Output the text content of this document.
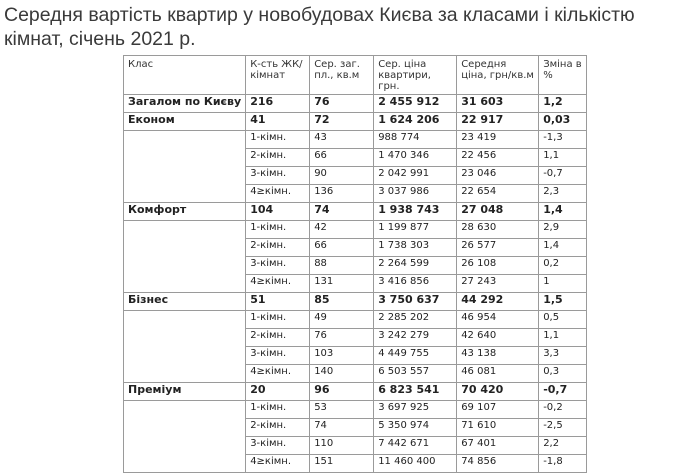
Середня вартість квартир у новобудовах Києва за класами і кількістю кімнат, січень 2021 р.
Клас	К-сть ЖК/ кімнат	Сер. заг. пл., кв.м	Сер. ціна квартири, грн.	Середня ціна, грн/кв.м	Зміна в %
Загалом по Києву	216	76	2 455 912	31 603	1,2
Економ	41	72	1 624 206	22 917	0,03
	1-кімн.	43	988 774	23 419	-1,3
	2-кімн.	66	1 470 346	22 456	1,1
	3-кімн.	90	2 042 991	23 046	-0,7
	4≥кімн.	136	3 037 986	22 654	2,3
Комфорт	104	74	1 938 743	27 048	1,4
	1-кімн.	42	1 199 877	28 630	2,9
	2-кімн.	66	1 738 303	26 577	1,4
	3-кімн.	88	2 264 599	26 108	0,2
	4≥кімн.	131	3 416 856	27 243	1
Бізнес	51	85	3 750 637	44 292	1,5
	1-кімн.	49	2 285 202	46 954	0,5
	2-кімн.	76	3 242 279	42 640	1,1
	3-кімн.	103	4 449 755	43 138	3,3
	4≥кімн.	140	6 503 557	46 081	0,3
Преміум	20	96	6 823 541	70 420	-0,7
	1-кімн.	53	3 697 925	69 107	-0,2
	2-кімн.	74	5 350 974	71 610	-2,5
	3-кімн.	110	7 442 671	67 401	2,2
	4≥кімн.	151	11 460 400	74 856	-1,8
